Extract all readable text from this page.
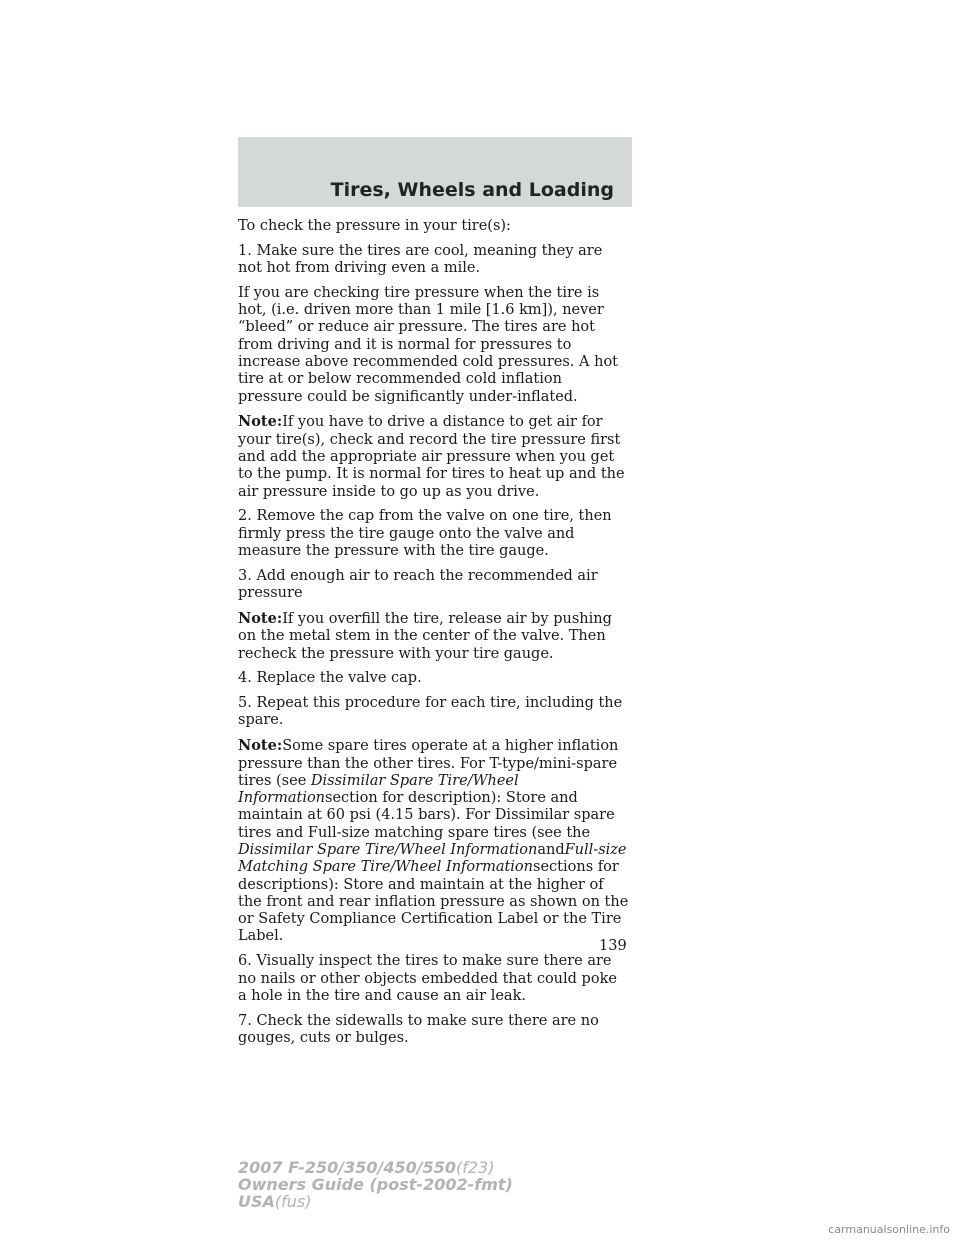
Tires, Wheels and Loading

To check the pressure in your tire(s):

1. Make sure the tires are cool, meaning they are not hot from driving even a mile.

If you are checking tire pressure when the tire is hot, (i.e. driven more than 1 mile [1.6 km]), never “bleed” or reduce air pressure. The tires are hot from driving and it is normal for pressures to increase above recommended cold pressures. A hot tire at or below recommended cold inflation pressure could be significantly under-inflated.

Note:If you have to drive a distance to get air for your tire(s), check and record the tire pressure first and add the appropriate air pressure when you get to the pump. It is normal for tires to heat up and the air pressure inside to go up as you drive.

2. Remove the cap from the valve on one tire, then firmly press the tire gauge onto the valve and measure the pressure with the tire gauge.

3. Add enough air to reach the recommended air pressure

Note:If you overfill the tire, release air by pushing on the metal stem in the center of the valve. Then recheck the pressure with your tire gauge.

4. Replace the valve cap.

5. Repeat this procedure for each tire, including the spare.

Note:Some spare tires operate at a higher inflation pressure than the other tires. For T-type/mini-spare tires (see Dissimilar Spare Tire/Wheel Informationsection for description): Store and maintain at 60 psi (4.15 bars). For Dissimilar spare tires and Full-size matching spare tires (see the Dissimilar Spare Tire/Wheel InformationandFull-size Matching Spare Tire/Wheel Informationsections for descriptions): Store and maintain at the higher of the front and rear inflation pressure as shown on the or Safety Compliance Certification Label or the Tire Label.

6. Visually inspect the tires to make sure there are no nails or other objects embedded that could poke a hole in the tire and cause an air leak.

7. Check the sidewalls to make sure there are no gouges, cuts or bulges.

139
2007 F-250/350/450/550(f23)
Owners Guide (post-2002-fmt)
USA(fus)
carmanualsonline.info
